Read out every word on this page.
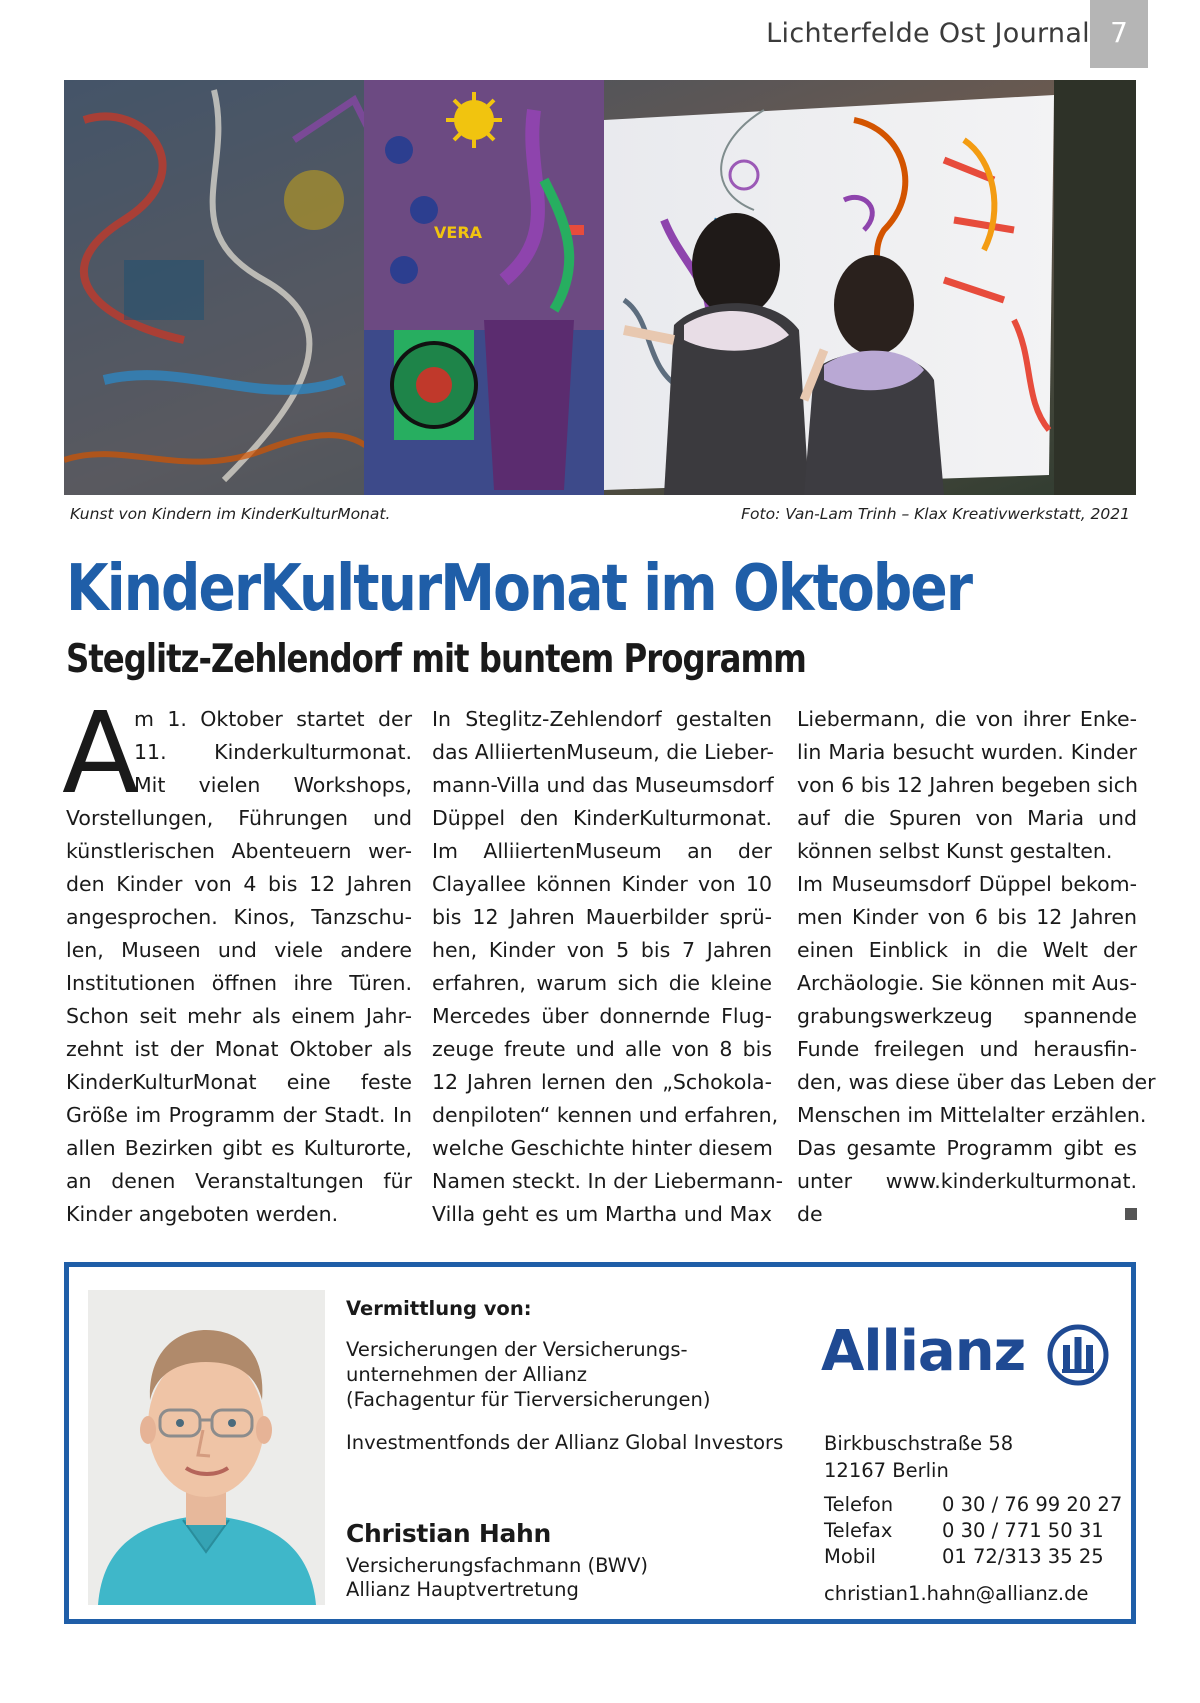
Lichterfelde Ost Journal 7
VERA
Kunst von Kindern im KinderKulturMonat.	Foto: Van-Lam Trinh – Klax Kreativwerkstatt, 2021
KinderKulturMonat im Oktober
Steglitz-Zehlendorf mit buntem Programm
A
m 1. Oktober startet der
11. Kinderkulturmonat.
Mit vielen Workshops,
Vorstellungen, Führungen und
künstlerischen Abenteuern wer-
den Kinder von 4 bis 12 Jahren
angesprochen. Kinos, Tanzschu-
len, Museen und viele andere
Institutionen öffnen ihre Türen.
Schon seit mehr als einem Jahr-
zehnt ist der Monat Oktober als
KinderKulturMonat eine feste
Größe im Programm der Stadt. In
allen Bezirken gibt es Kulturorte,
an denen Veranstaltungen für
Kinder angeboten werden.
In Steglitz-Zehlendorf gestalten
das AlliiertenMuseum, die Lieber-
mann-Villa und das Museumsdorf
Düppel den KinderKulturmonat.
Im AlliiertenMuseum an der
Clayallee können Kinder von 10
bis 12 Jahren Mauerbilder sprü-
hen, Kinder von 5 bis 7 Jahren
erfahren, warum sich die kleine
Mercedes über donnernde Flug-
zeuge freute und alle von 8 bis
12 Jahren lernen den „Schokola-
denpiloten“ kennen und erfahren,
welche Geschichte hinter diesem
Namen steckt. In der Liebermann-
Villa geht es um Martha und Max
Liebermann, die von ihrer Enke-
lin Maria besucht wurden. Kinder
von 6 bis 12 Jahren begeben sich
auf die Spuren von Maria und
können selbst Kunst gestalten.
Im Museumsdorf Düppel bekom-
men Kinder von 6 bis 12 Jahren
einen Einblick in die Welt der
Archäologie. Sie können mit Aus-
grabungswerkzeug spannende
Funde freilegen und herausfin-
den, was diese über das Leben der
Menschen im Mittelalter erzählen.
Das gesamte Programm gibt es
unter www.kinderkulturmonat.
de
Vermittlung von:
Versicherungen der Versicherungs-
unternehmen der Allianz
(Fachagentur für Tierversicherungen)
Investmentfonds der Allianz Global Investors
Christian Hahn
Versicherungsfachmann (BWV)
Allianz Hauptvertretung
Allianz
Birkbuschstraße 58
12167 Berlin
Telefon	0 30 / 76 99 20 27
Telefax	0 30 / 771 50 31
Mobil	01 72/313 35 25
christian1.hahn@allianz.de
